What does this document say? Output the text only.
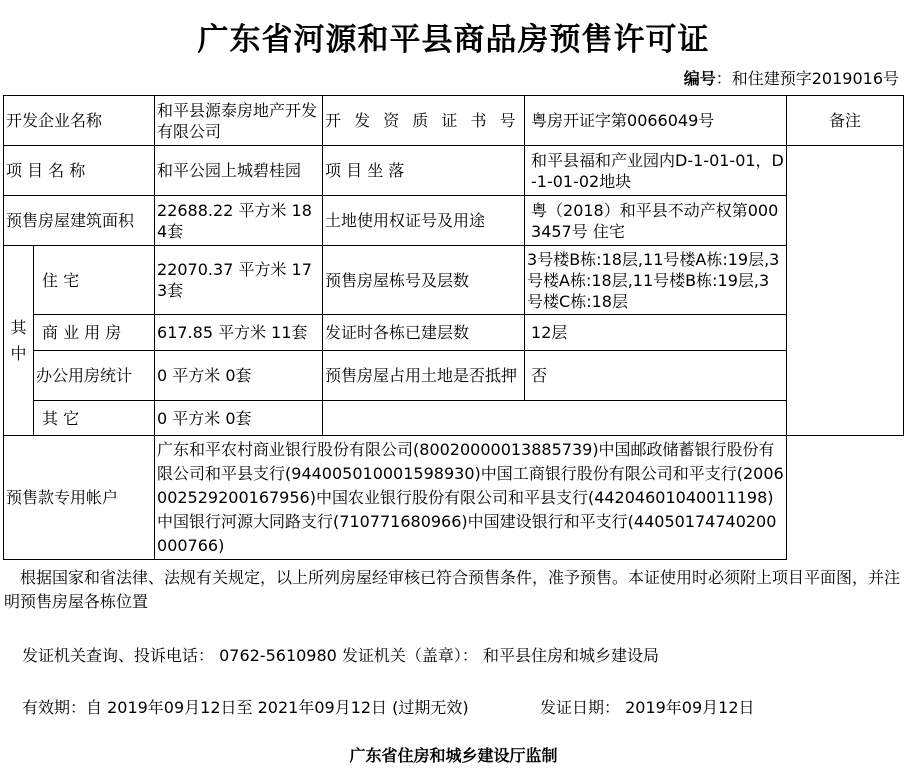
广东省河源和平县商品房预售许可证
编号：和住建预字2019016号
开发企业名称		和平县源泰房地产开发有限公司	开 发 资 质 证 书 号	粤房开证字第0066049号	备注
项 目 名 称		和平公园上城碧桂园	项 目 坐 落	和平县福和产业园内D-1-01-01，D-1-01-02地块	
预售房屋建筑面积		22688.22 平方米 184套	土地使用权证号及用途	粤（2018）和平县不动产权第0003457号 住宅	
其中	住 宅	22070.37 平方米 173套	预售房屋栋号及层数	3号楼B栋:18层,11号楼A栋:19层,3号楼A栋:18层,11号楼B栋:19层,3号楼C栋:18层	
	商 业 用 房	617.85 平方米 11套	发证时各栋已建层数	12层	
	办公用房统计	0 平方米 0套	预售房屋占用土地是否抵押	否	
	其 它	0 平方米 0套			
预售款专用帐户		广东和平农村商业银行股份有限公司(80020000013885739)中国邮政储蓄银行股份有限公司和平县支行(944005010001598930)中国工商银行股份有限公司和平支行(2006002529200167956)中国农业银行股份有限公司和平县支行(44204601040011198)中国银行河源大同路支行(710771680966)中国建设银行和平支行(44050174740200000766)			
根据国家和省法律、法规有关规定，以上所列房屋经审核已符合预售条件，准予预售。本证使用时必须附上项目平面图，并注明预售房屋各栋位置
发证机关查询、投诉电话： 0762-5610980 发证机关（盖章）： 和平县住房和城乡建设局
有效期：自 2019年09月12日至 2021年09月12日 (过期无效)	发证日期： 2019年09月12日
广东省住房和城乡建设厅监制
